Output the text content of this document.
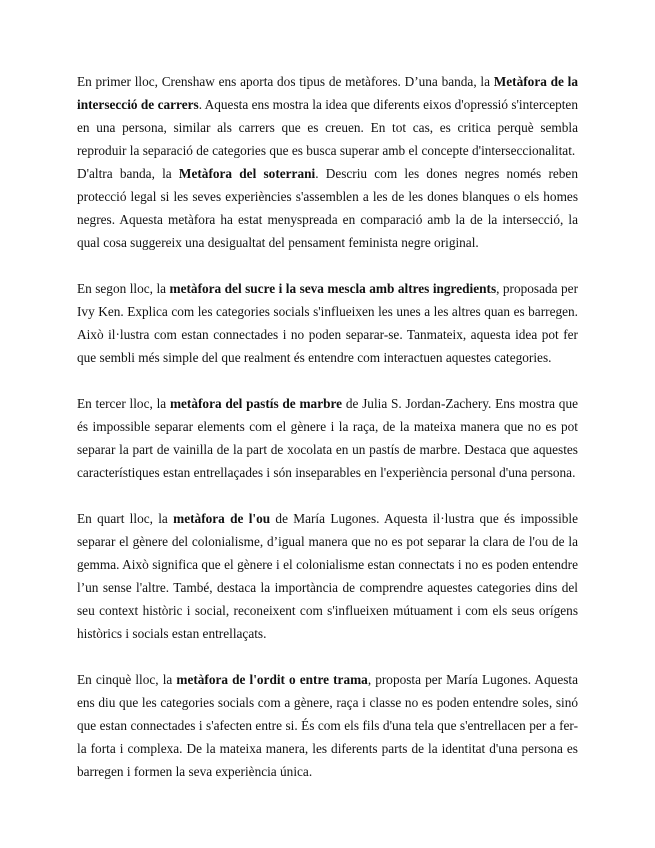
En primer lloc, Crenshaw ens aporta dos tipus de metàfores. D’una banda, la Metàfora de la intersecció de carrers. Aquesta ens mostra la idea que diferents eixos d'opressió s'intercepten en una persona, similar als carrers que es creuen. En tot cas, es critica perquè sembla reproduir la separació de categories que es busca superar amb el concepte d'interseccionalitat.

D'altra banda, la Metàfora del soterrani. Descriu com les dones negres només reben protecció legal si les seves experiències s'assemblen a les de les dones blanques o els homes negres. Aquesta metàfora ha estat menyspreada en comparació amb la de la intersecció, la qual cosa suggereix una desigualtat del pensament feminista negre original.

En segon lloc, la metàfora del sucre i la seva mescla amb altres ingredients, proposada per Ivy Ken. Explica com les categories socials s'influeixen les unes a les altres quan es barregen. Això il·lustra com estan connectades i no poden separar-se. Tanmateix, aquesta idea pot fer que sembli més simple del que realment és entendre com interactuen aquestes categories.

En tercer lloc, la metàfora del pastís de marbre de Julia S. Jordan-Zachery. Ens mostra que és impossible separar elements com el gènere i la raça, de la mateixa manera que no es pot separar la part de vainilla de la part de xocolata en un pastís de marbre. Destaca que aquestes característiques estan entrellaçades i són inseparables en l'experiència personal d'una persona.

En quart lloc, la metàfora de l'ou de María Lugones. Aquesta il·lustra que és impossible separar el gènere del colonialisme, d’igual manera que no es pot separar la clara de l'ou de la gemma. Això significa que el gènere i el colonialisme estan connectats i no es poden entendre l’un sense l'altre. També, destaca la importància de comprendre aquestes categories dins del seu context històric i social, reconeixent com s'influeixen mútuament i com els seus orígens històrics i socials estan entrellaçats.

En cinquè lloc, la metàfora de l'ordit o entre trama, proposta per María Lugones. Aquesta ens diu que les categories socials com a gènere, raça i classe no es poden entendre soles, sinó que estan connectades i s'afecten entre si. És com els fils d'una tela que s'entrellacen per a fer-la forta i complexa. De la mateixa manera, les diferents parts de la identitat d'una persona es barregen i formen la seva experiència única.
